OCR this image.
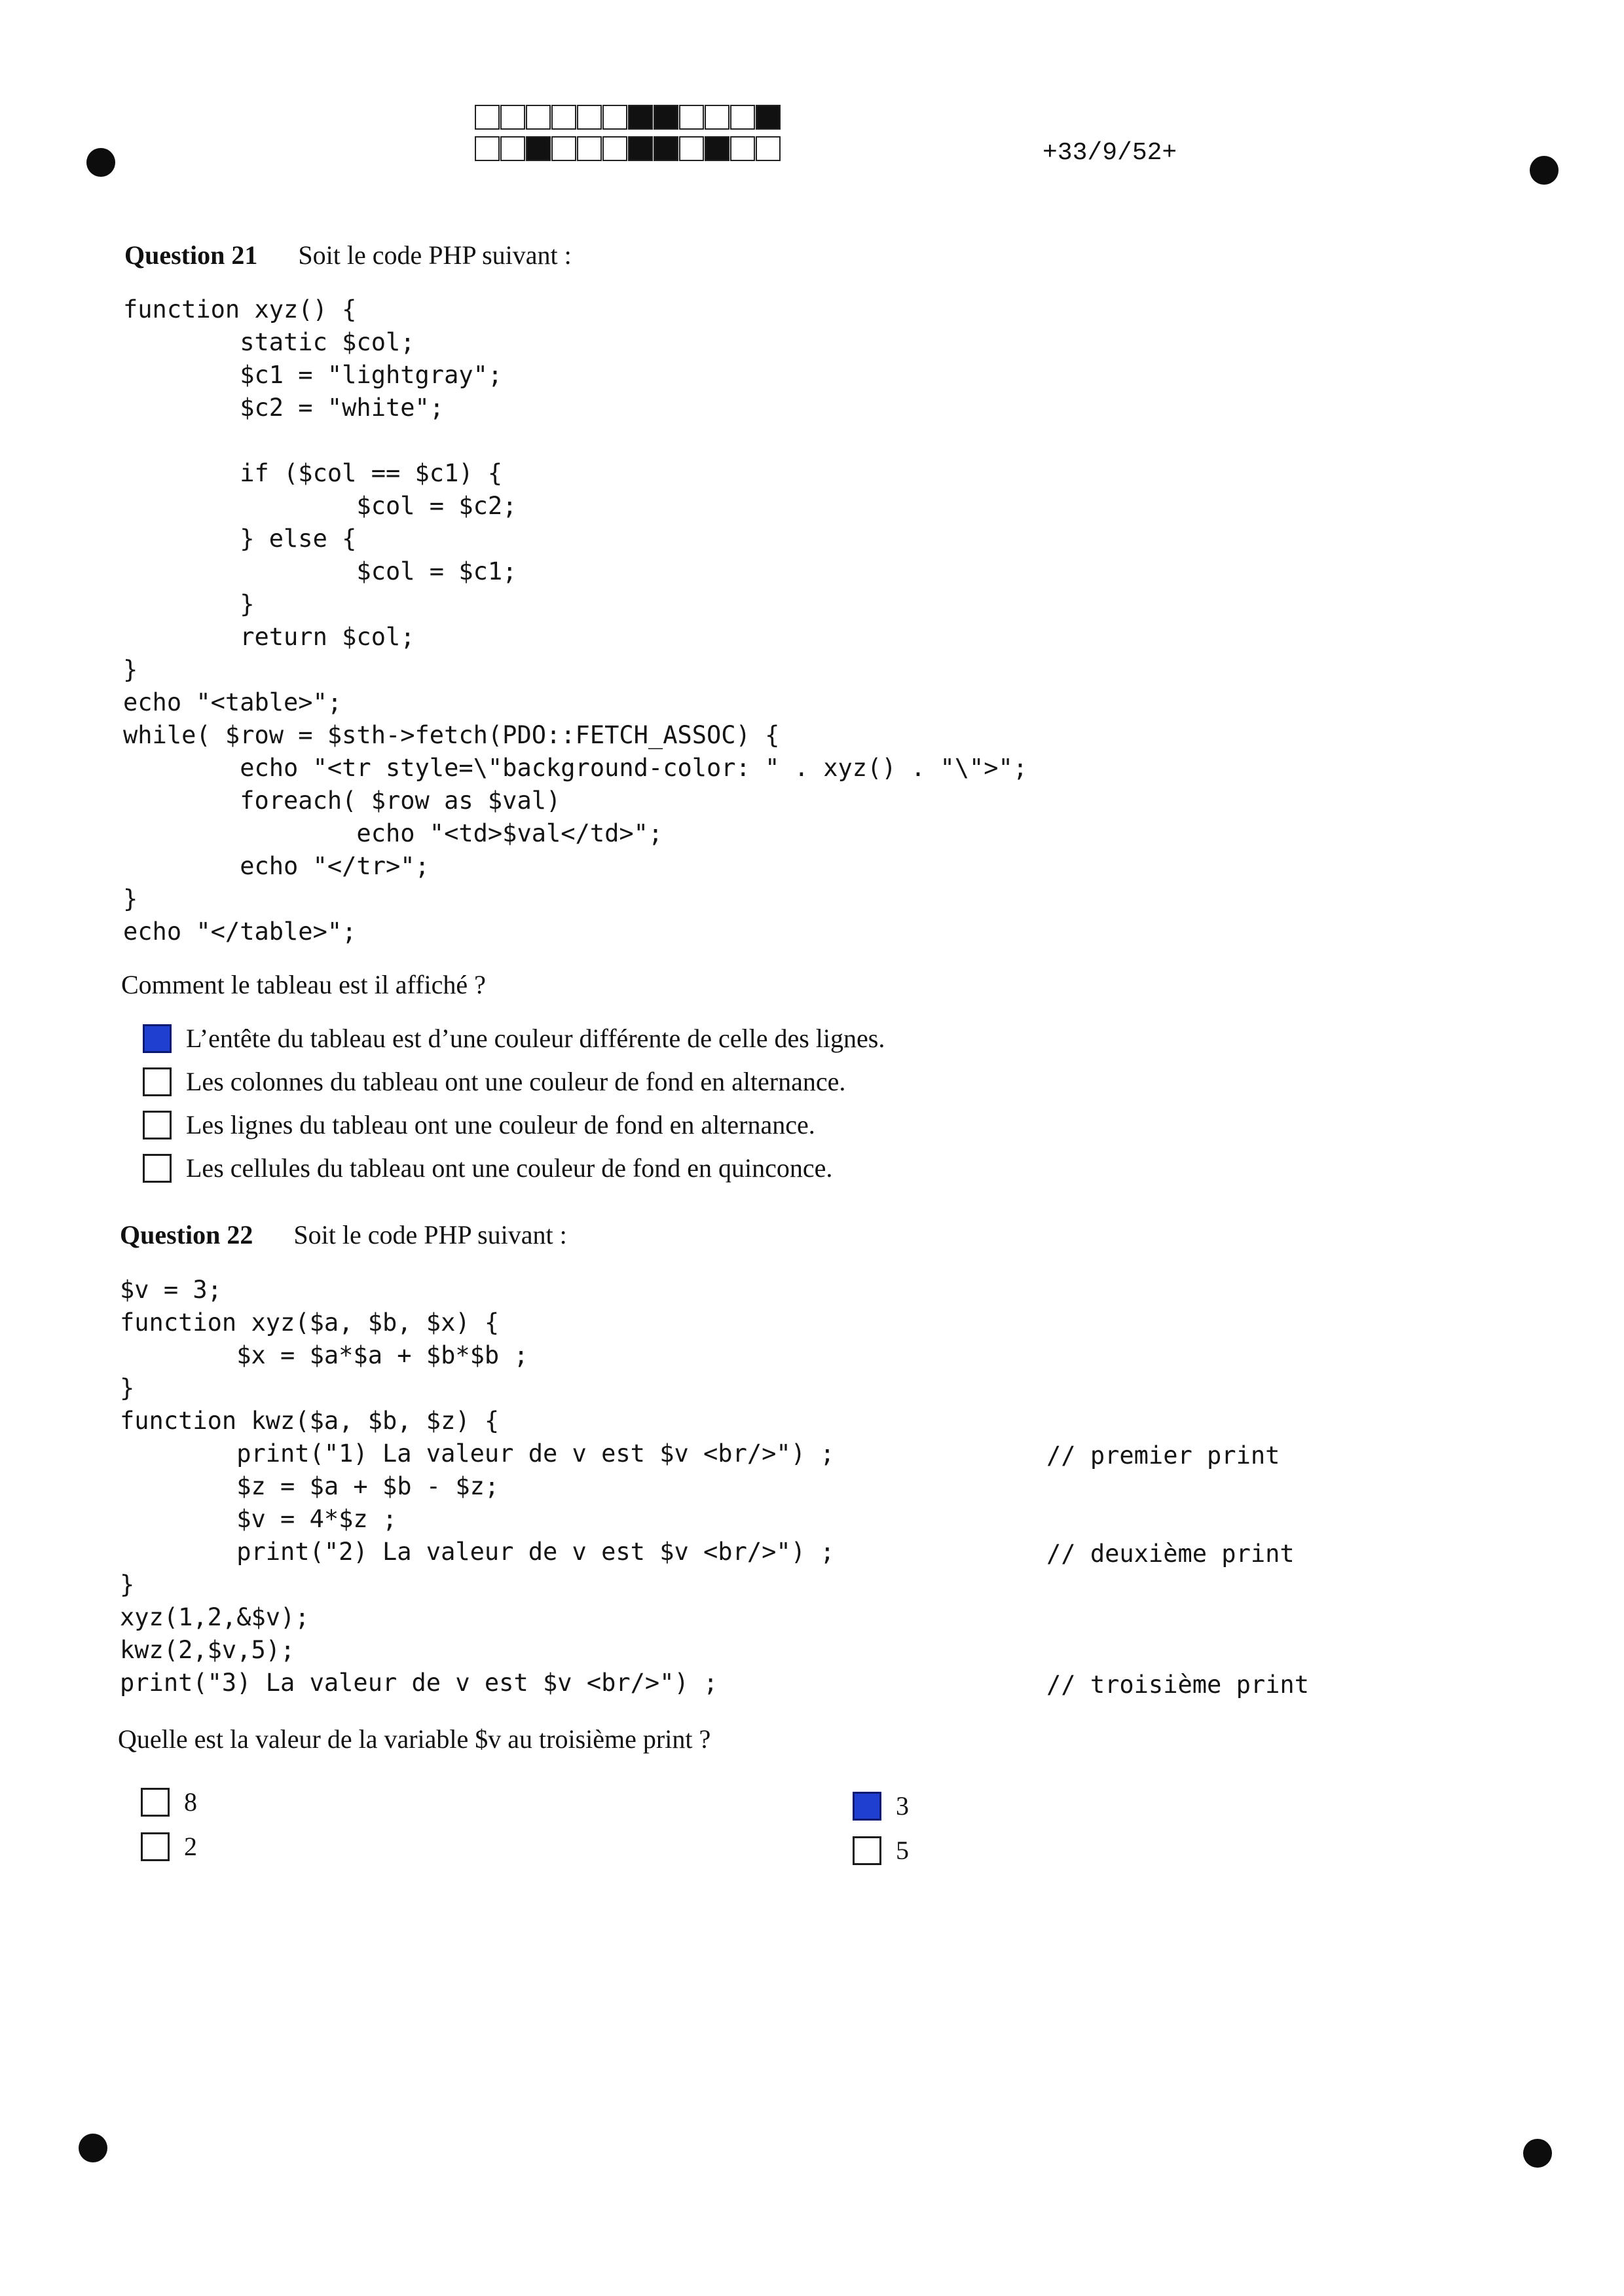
+33/9/52+
Question 21 Soit le code PHP suivant :
function xyz() {
static $col;
$c1 = "lightgray";
$c2 = "white";

if ($col == $c1) {
$col = $c2;
} else {
$col = $c1;
}
return $col;
}
echo "<table>";
while( $row = $sth->fetch(PDO::FETCH_ASSOC) {
echo "<tr style=\"background-color: " . xyz() . "\">";
foreach( $row as $val)
echo "<td>$val</td>";
echo "</tr>";
}
echo "</table>";
Comment le tableau est il affiché ?
L’entête du tableau est d’une couleur différente de celle des lignes.
Les colonnes du tableau ont une couleur de fond en alternance.
Les lignes du tableau ont une couleur de fond en alternance.
Les cellules du tableau ont une couleur de fond en quinconce.
Question 22 Soit le code PHP suivant :
$v = 3;
function xyz($a, $b, $x) {
$x = $a*$a + $b*$b ;
}
function kwz($a, $b, $z) {
print("1) La valeur de v est $v <br/>") ;
$z = $a + $b - $z;
$v = 4*$z ;
print("2) La valeur de v est $v <br/>") ;
}
xyz(1,2,&$v);
kwz(2,$v,5);
print("3) La valeur de v est $v <br/>") ;
// premier print
// deuxième print
// troisième print
Quelle est la valeur de la variable $v au troisième print ?
8
2
3
5
